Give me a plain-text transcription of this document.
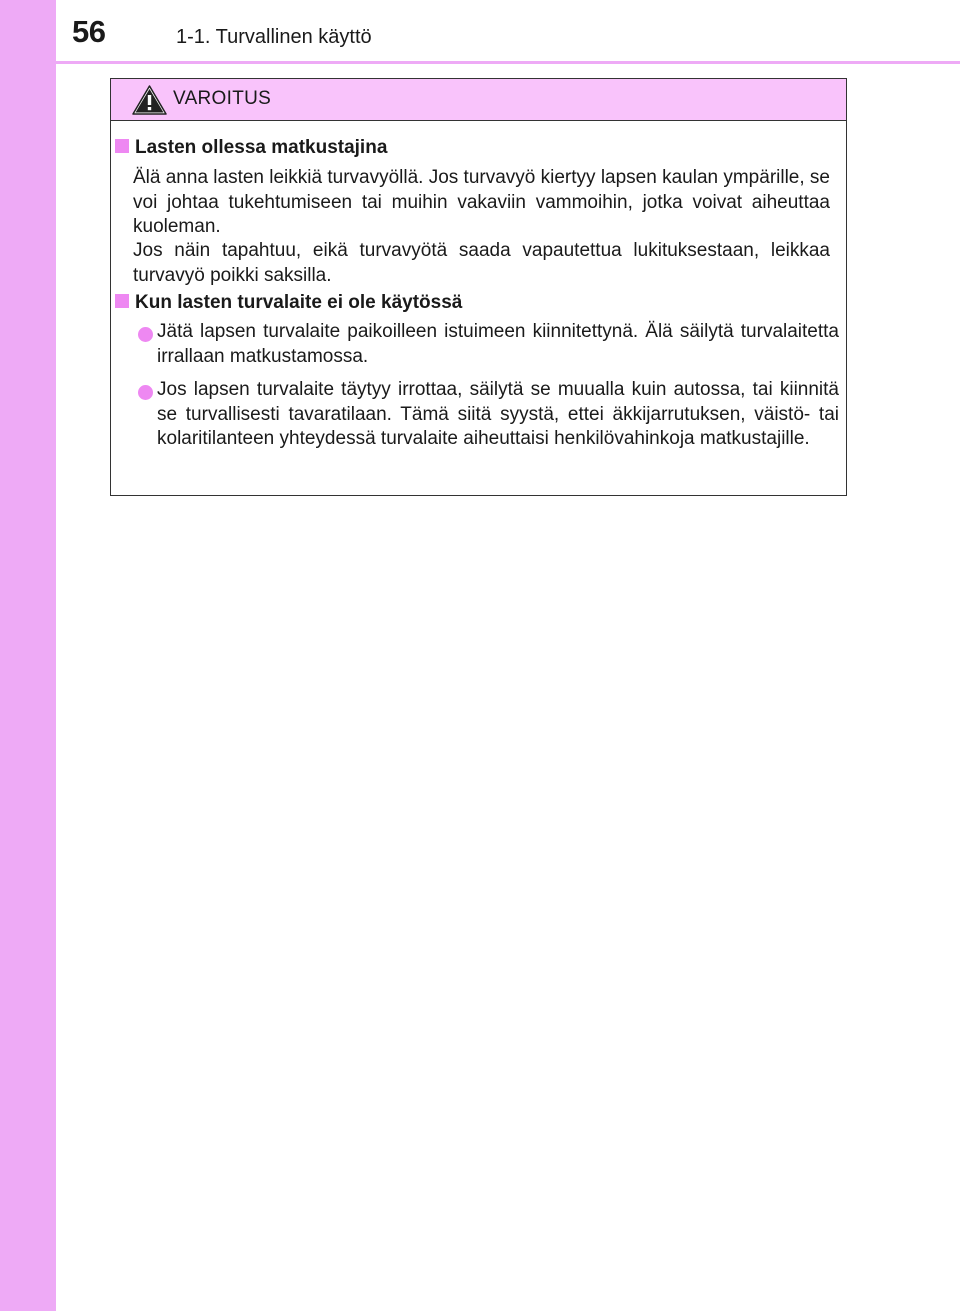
56	1-1. Turvallinen käyttö
VAROITUS
Lasten ollessa matkustajina
Älä anna lasten leikkiä turvavyöllä. Jos turvavyö kiertyy lapsen kaulan ympärille, se voi johtaa tukehtumiseen tai muihin vakaviin vammoihin, jotka voivat aiheuttaa kuoleman.
Jos näin tapahtuu, eikä turvavyötä saada vapautettua lukituksestaan, leikkaa turvavyö poikki saksilla.
Kun lasten turvalaite ei ole käytössä
Jätä lapsen turvalaite paikoilleen istuimeen kiinnitettynä. Älä säilytä turvalaitetta irrallaan matkustamossa.
Jos lapsen turvalaite täytyy irrottaa, säilytä se muualla kuin autossa, tai kiinnitä se turvallisesti tavaratilaan. Tämä siitä syystä, ettei äkkijarrutuksen, väistö- tai kolaritilanteen yhteydessä turvalaite aiheuttaisi henkilövahinkoja matkustajille.
